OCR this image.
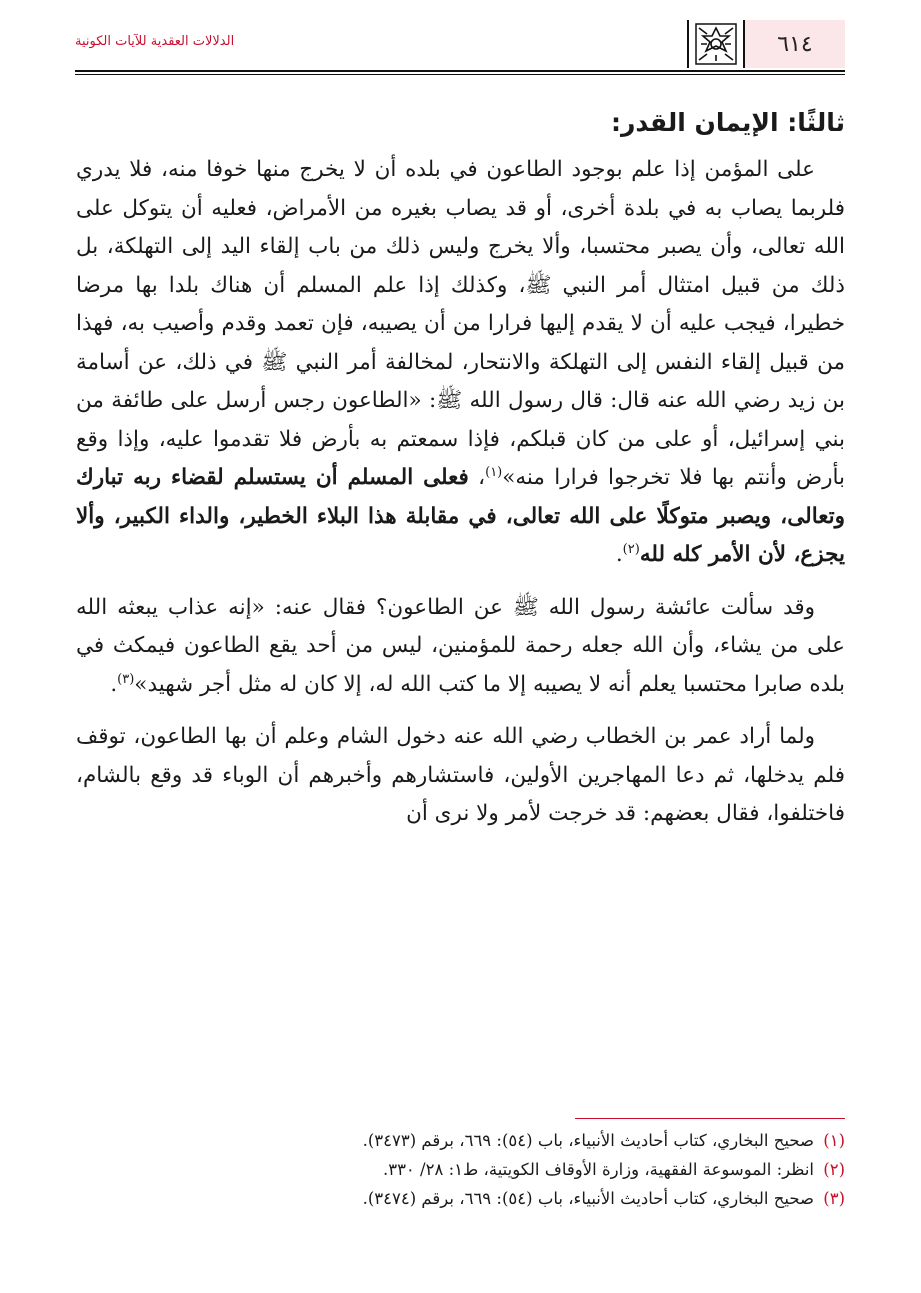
٦١٤
الدلالات العقدية للآيات الكونية
ثالثًا: الإيمان القدر:

على المؤمن إذا علم بوجود الطاعون في بلده أن لا يخرج منها خوفا منه، فلا يدري فلربما يصاب به في بلدة أخرى، أو قد يصاب بغيره من الأمراض، فعليه أن يتوكل على الله تعالى، وأن يصبر محتسبا، وألا يخرج وليس ذلك من باب إلقاء اليد إلى التهلكة، بل ذلك من قبيل امتثال أمر النبي ﷺ، وكذلك إذا علم المسلم أن هناك بلدا بها مرضا خطيرا، فيجب عليه أن لا يقدم إليها فرارا من أن يصيبه، فإن تعمد وقدم وأصيب به، فهذا من قبيل إلقاء النفس إلى التهلكة والانتحار، لمخالفة أمر النبي ﷺ في ذلك، عن أسامة بن زيد رضي الله عنه قال: قال رسول الله ﷺ: «الطاعون رجس أرسل على طائفة من بني إسرائيل، أو على من كان قبلكم، فإذا سمعتم به بأرض فلا تقدموا عليه، وإذا وقع بأرض وأنتم بها فلا تخرجوا فرارا منه»$^{(١)}$، فعلى المسلم أن يستسلم لقضاء ربه تبارك وتعالى، ويصبر متوكلًا على الله تعالى، في مقابلة هذا البلاء الخطير، والداء الكبير، وألا يجزع، لأن الأمر كله لله$^{(٢)}$.

وقد سألت عائشة رسول الله ﷺ عن الطاعون؟ فقال عنه: «إنه عذاب يبعثه الله على من يشاء، وأن الله جعله رحمة للمؤمنين، ليس من أحد يقع الطاعون فيمكث في بلده صابرا محتسبا يعلم أنه لا يصيبه إلا ما كتب الله له، إلا كان له مثل أجر شهيد»$^{(٣)}$.

ولما أراد عمر بن الخطاب رضي الله عنه دخول الشام وعلم أن بها الطاعون، توقف فلم يدخلها، ثم دعا المهاجرين الأولين، فاستشارهم وأخبرهم أن الوباء قد وقع بالشام، فاختلفوا، فقال بعضهم: قد خرجت لأمر ولا نرى أن

(١) صحيح البخاري، كتاب أحاديث الأنبياء، باب (٥٤): ٦٦٩، برقم (٣٤٧٣).

(٢) انظر: الموسوعة الفقهية، وزارة الأوقاف الكويتية، ط١: ٢٨/ ٣٣٠.

(٣) صحيح البخاري، كتاب أحاديث الأنبياء، باب (٥٤): ٦٦٩، برقم (٣٤٧٤).
